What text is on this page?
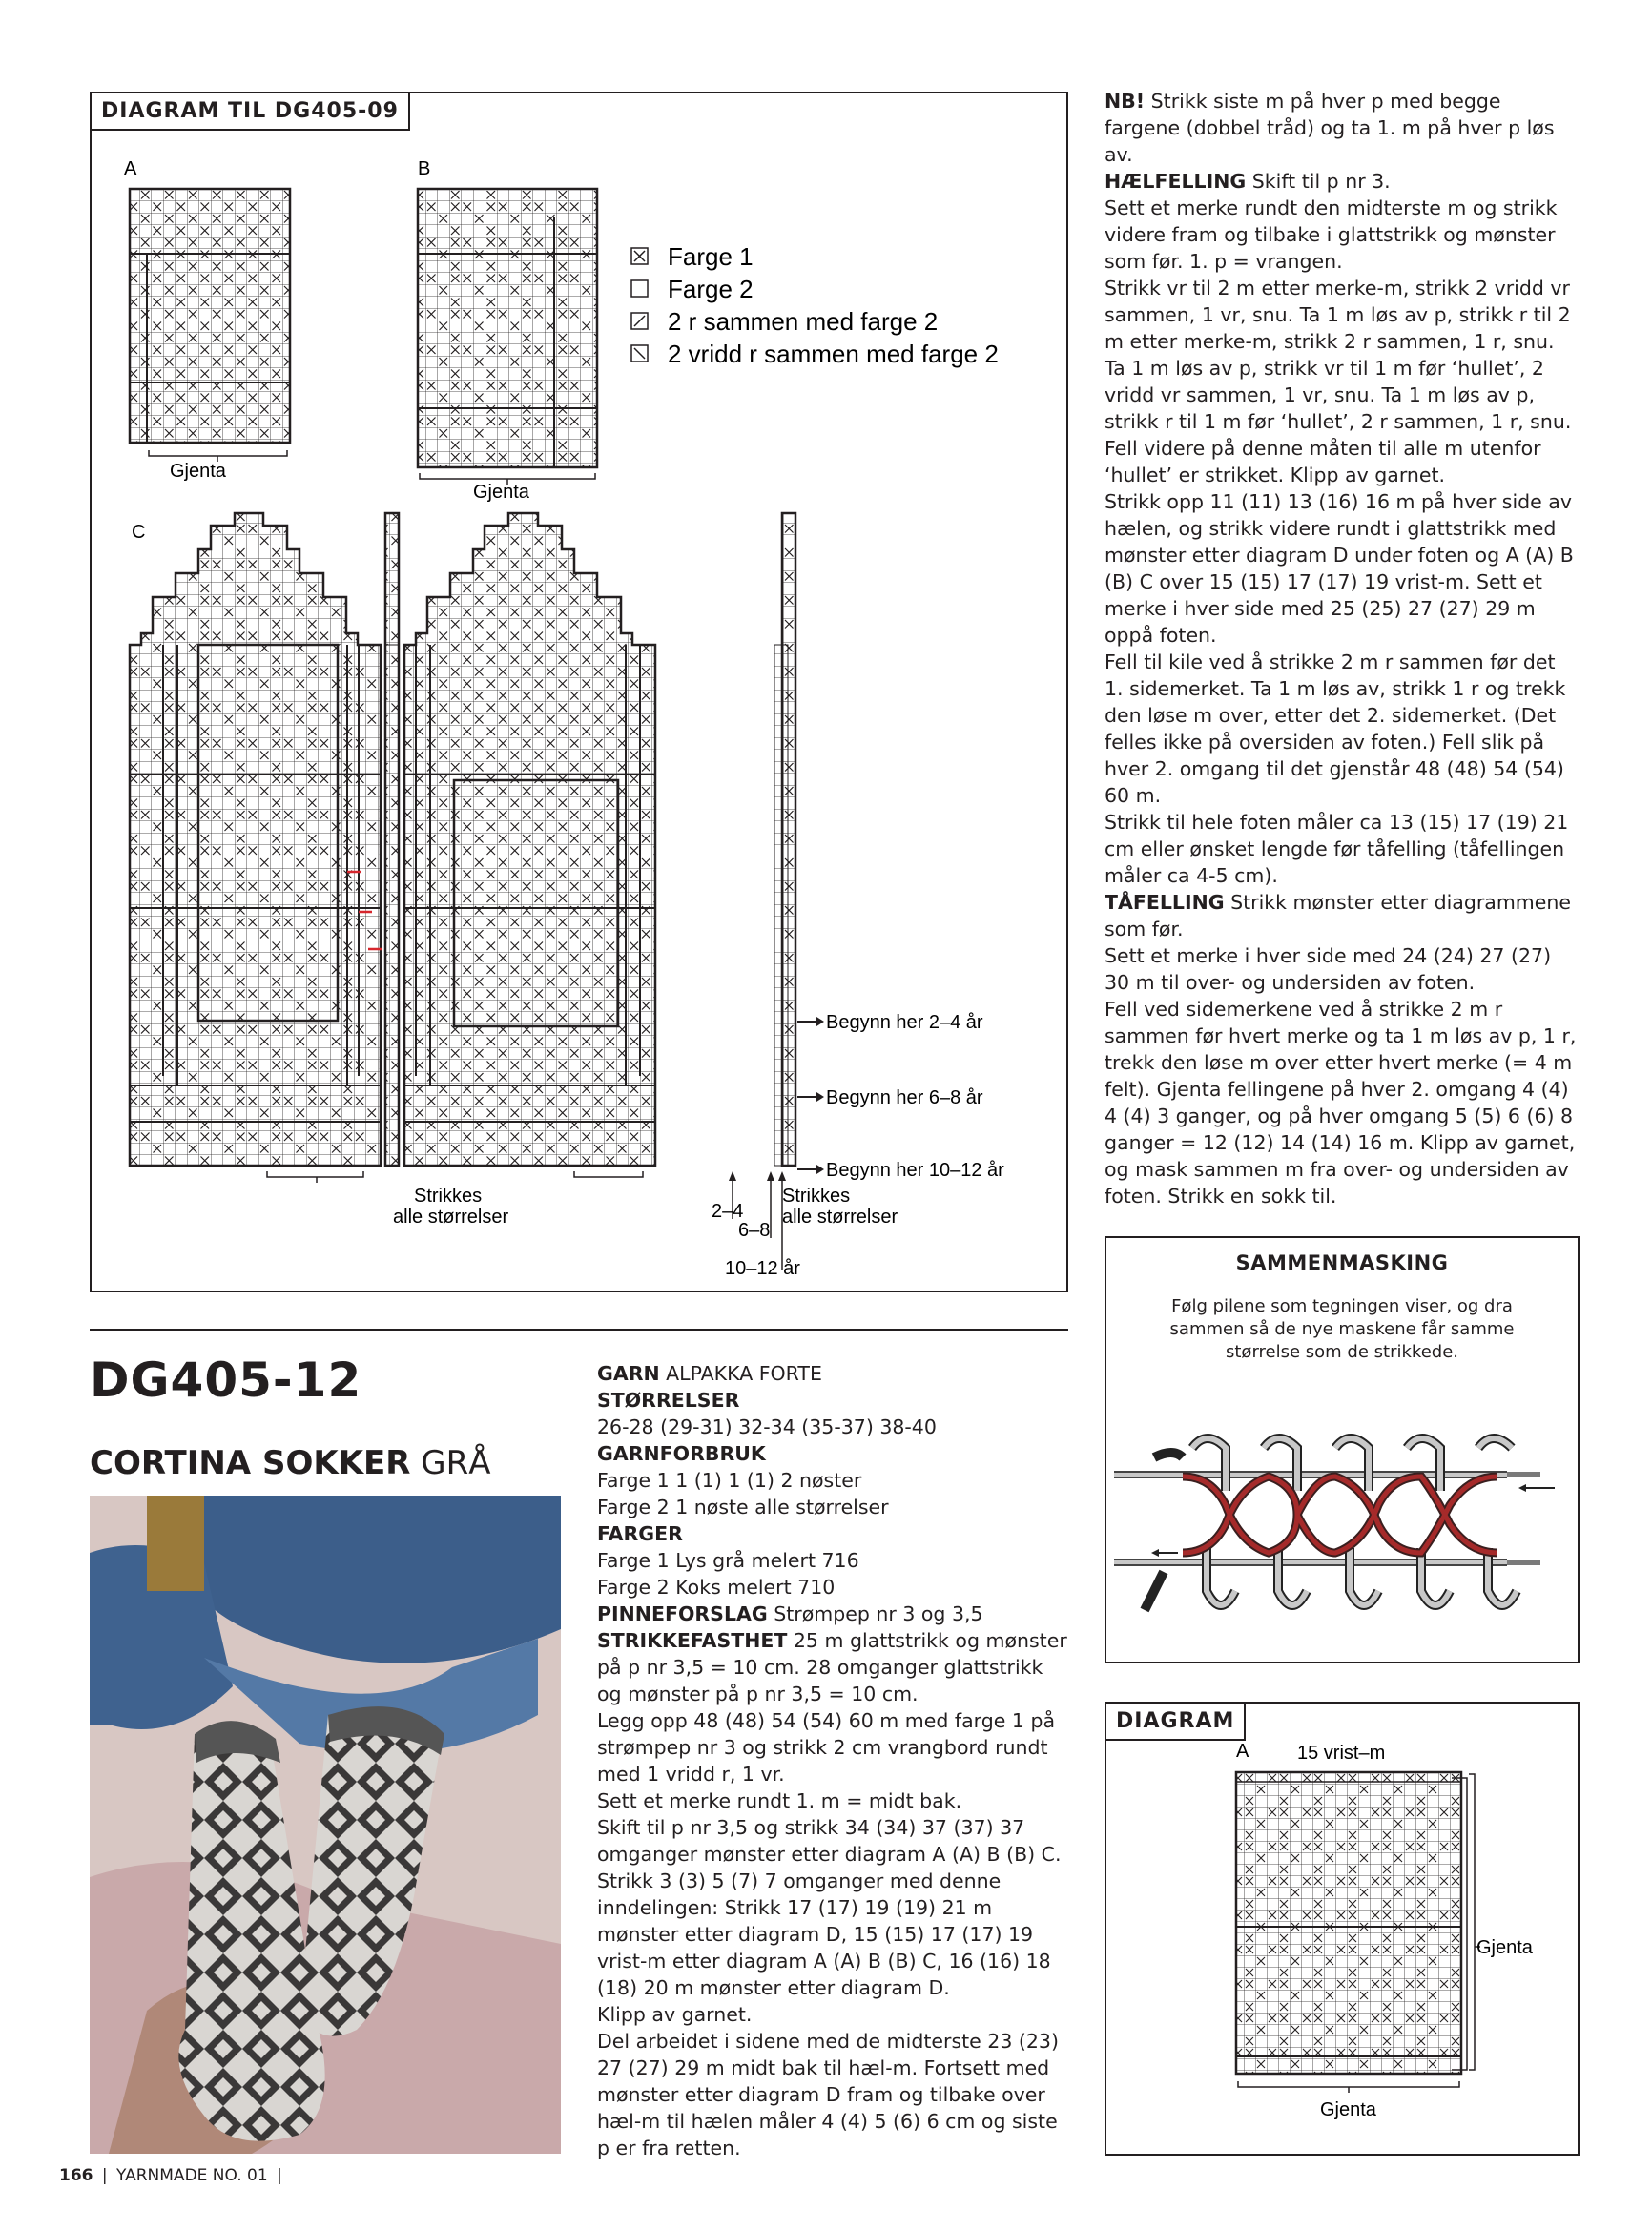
DIAGRAM TIL DG405-09
A	B
C
Gjenta
Gjenta
Farge 1
Farge 2
2 r sammen med farge 2
2 vridd r sammen med farge 2
Begynn her 2–4 år
Begynn her 6–8 år
Begynn her 10–12 år
Strikkes
alle størrelser
Strikkes
alle størrelser
2–4
6–8
10–12 år

NB! Strikk siste m på hver p med begge fargene (dobbel tråd) og ta 1. m på hver p løs av.

HÆLFELLING Skift til p nr 3.

Sett et merke rundt den midterste m og strikk videre fram og tilbake i glattstrikk og mønster som før. 1. p = vrangen.

Strikk vr til 2 m etter merke-m, strikk 2 vridd vr sammen, 1 vr, snu. Ta 1 m løs av p, strikk r til 2 m etter merke-m, strikk 2 r sammen, 1 r, snu. Ta 1 m løs av p, strikk vr til 1 m før ‘hullet’, 2 vridd vr sammen, 1 vr, snu. Ta 1 m løs av p, strikk r til 1 m før ‘hullet’, 2 r sammen, 1 r, snu. Fell videre på denne måten til alle m utenfor ‘hullet’ er strikket. Klipp av garnet.

Strikk opp 11 (11) 13 (16) 16 m på hver side av hælen, og strikk videre rundt i glattstrikk med mønster etter diagram D under foten og A (A) B (B) C over 15 (15) 17 (17) 19 vrist-m. Sett et merke i hver side med 25 (25) 27 (27) 29 m oppå foten.

Fell til kile ved å strikke 2 m r sammen før det 1. sidemerket. Ta 1 m løs av, strikk 1 r og trekk den løse m over, etter det 2. sidemerket. (Det felles ikke på oversiden av foten.) Fell slik på hver 2. omgang til det gjenstår 48 (48) 54 (54) 60 m.

Strikk til hele foten måler ca 13 (15) 17 (19) 21 cm eller ønsket lengde før tåfelling (tåfellingen måler ca 4-5 cm).

TÅFELLING Strikk mønster etter diagrammene som før.

Sett et merke i hver side med 24 (24) 27 (27) 30 m til over- og undersiden av foten.

Fell ved sidemerkene ved å strikke 2 m r sammen før hvert merke og ta 1 m løs av p, 1 r, trekk den løse m over etter hvert merke (= 4 m felt). Gjenta fellingene på hver 2. omgang 4 (4) 4 (4) 3 ganger, og på hver omgang 5 (5) 6 (6) 8 ganger = 12 (12) 14 (14) 16 m. Klipp av garnet, og mask sammen m fra over- og undersiden av foten. Strikk en sokk til.

DG405-12
CORTINA SOKKER GRÅ

GARN ALPAKKA FORTE

STØRRELSER

26-28 (29-31) 32-34 (35-37) 38-40

GARNFORBRUK

Farge 1 1 (1) 1 (1) 2 nøster

Farge 2 1 nøste alle størrelser

FARGER

Farge 1 Lys grå melert 716

Farge 2 Koks melert 710

PINNEFORSLAG Strømpep nr 3 og 3,5

STRIKKEFASTHET 25 m glattstrikk og mønster på p nr 3,5 = 10 cm. 28 omganger glattstrikk og mønster på p nr 3,5 = 10 cm.

Legg opp 48 (48) 54 (54) 60 m med farge 1 på strømpep nr 3 og strikk 2 cm vrangbord rundt med 1 vridd r, 1 vr.

Sett et merke rundt 1. m = midt bak.

Skift til p nr 3,5 og strikk 34 (34) 37 (37) 37 omganger mønster etter diagram A (A) B (B) C. Strikk 3 (3) 5 (7) 7 omganger med denne inndelingen: Strikk 17 (17) 19 (19) 21 m mønster etter diagram D, 15 (15) 17 (17) 19 vrist-m etter diagram A (A) B (B) C, 16 (16) 18 (18) 20 m mønster etter diagram D.

Klipp av garnet.

Del arbeidet i sidene med de midterste 23 (23) 27 (27) 29 m midt bak til hæl-m. Fortsett med mønster etter diagram D fram og tilbake over hæl-m til hælen måler 4 (4) 5 (6) 6 cm og siste p er fra retten.

SAMMENMASKING
Følg pilene som tegningen viser, og dra sammen så de nye maskene får samme størrelse som de strikkede.
DIAGRAM
A	15 vrist–m
Gjenta
Gjenta
166 | YARNMADE NO. 01 |
